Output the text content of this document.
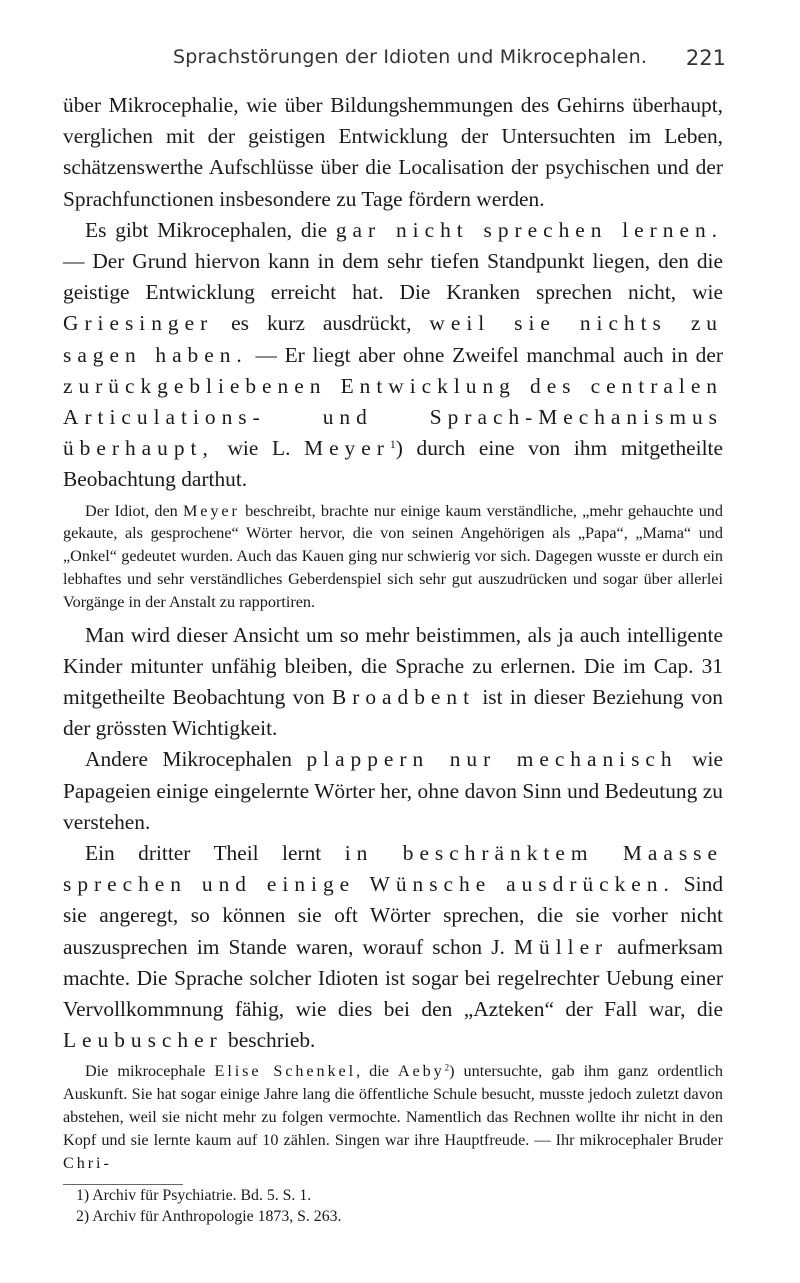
Sprachstörungen der Idioten und Mikrocephalen. 221

über Mikrocephalie, wie über Bildungshemmungen des Gehirns überhaupt, verglichen mit der geistigen Entwicklung der Untersuchten im Leben, schätzenswerthe Aufschlüsse über die Localisation der psychischen und der Sprachfunctionen insbesondere zu Tage fördern werden.

Es gibt Mikrocephalen, die gar nicht sprechen lernen. — Der Grund hiervon kann in dem sehr tiefen Standpunkt liegen, den die geistige Entwicklung erreicht hat. Die Kranken sprechen nicht, wie Griesinger es kurz ausdrückt, weil sie nichts zu sagen haben. — Er liegt aber ohne Zweifel manchmal auch in der zurückgebliebenen Entwicklung des centralen Articulations- und Sprach-Mechanismus überhaupt, wie L. Meyer$^1$) durch eine von ihm mitgetheilte Beobachtung darthut.

Der Idiot, den Meyer beschreibt, brachte nur einige kaum verständliche, „mehr gehauchte und gekaute, als gesprochene“ Wörter hervor, die von seinen Angehörigen als „Papa“, „Mama“ und „Onkel“ gedeutet wurden. Auch das Kauen ging nur schwierig vor sich. Dagegen wusste er durch ein lebhaftes und sehr verständliches Geberdenspiel sich sehr gut auszudrücken und sogar über allerlei Vorgänge in der Anstalt zu rapportiren.

Man wird dieser Ansicht um so mehr beistimmen, als ja auch intelligente Kinder mitunter unfähig bleiben, die Sprache zu erlernen. Die im Cap. 31 mitgetheilte Beobachtung von Broadbent ist in dieser Beziehung von der grössten Wichtigkeit.

Andere Mikrocephalen plappern nur mechanisch wie Papageien einige eingelernte Wörter her, ohne davon Sinn und Bedeutung zu verstehen.

Ein dritter Theil lernt in beschränktem Maasse sprechen und einige Wünsche ausdrücken. Sind sie angeregt, so können sie oft Wörter sprechen, die sie vorher nicht auszusprechen im Stande waren, worauf schon J. Müller aufmerksam machte. Die Sprache solcher Idioten ist sogar bei regelrechter Uebung einer Vervollkommnung fähig, wie dies bei den „Azteken“ der Fall war, die Leubuscher beschrieb.

Die mikrocephale Elise Schenkel, die Aeby$^2$) untersuchte, gab ihm ganz ordentlich Auskunft. Sie hat sogar einige Jahre lang die öffentliche Schule besucht, musste jedoch zuletzt davon abstehen, weil sie nicht mehr zu folgen vermochte. Namentlich das Rechnen wollte ihr nicht in den Kopf und sie lernte kaum auf 10 zählen. Singen war ihre Hauptfreude. — Ihr mikrocephaler Bruder Chri-

1) Archiv für Psychiatrie. Bd. 5. S. 1.
2) Archiv für Anthropologie 1873, S. 263.
